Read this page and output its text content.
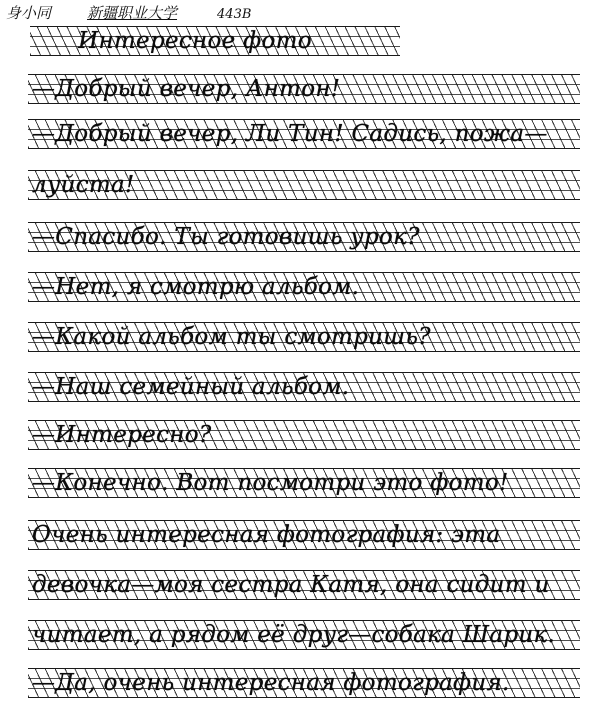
身小同 新疆职业大学	443B
Интересное фото
—Добрый вечер, Антон!
—Добрый вечер, Ли Тин! Садись, пожа—
луйста!
—Спасибо. Ты готовишь урок?
—Нет, я смотрю альбом.
—Какой альбом ты смотришь?
—Наш семейный альбом.
—Интересно?
—Конечно. Вот посмотри это фото!
Очень интересная фотография: эта
девочка—моя сестра Катя, она сидит и
читает, а рядом её друг—собака Шарик.
—Да, очень интересная фотография.
